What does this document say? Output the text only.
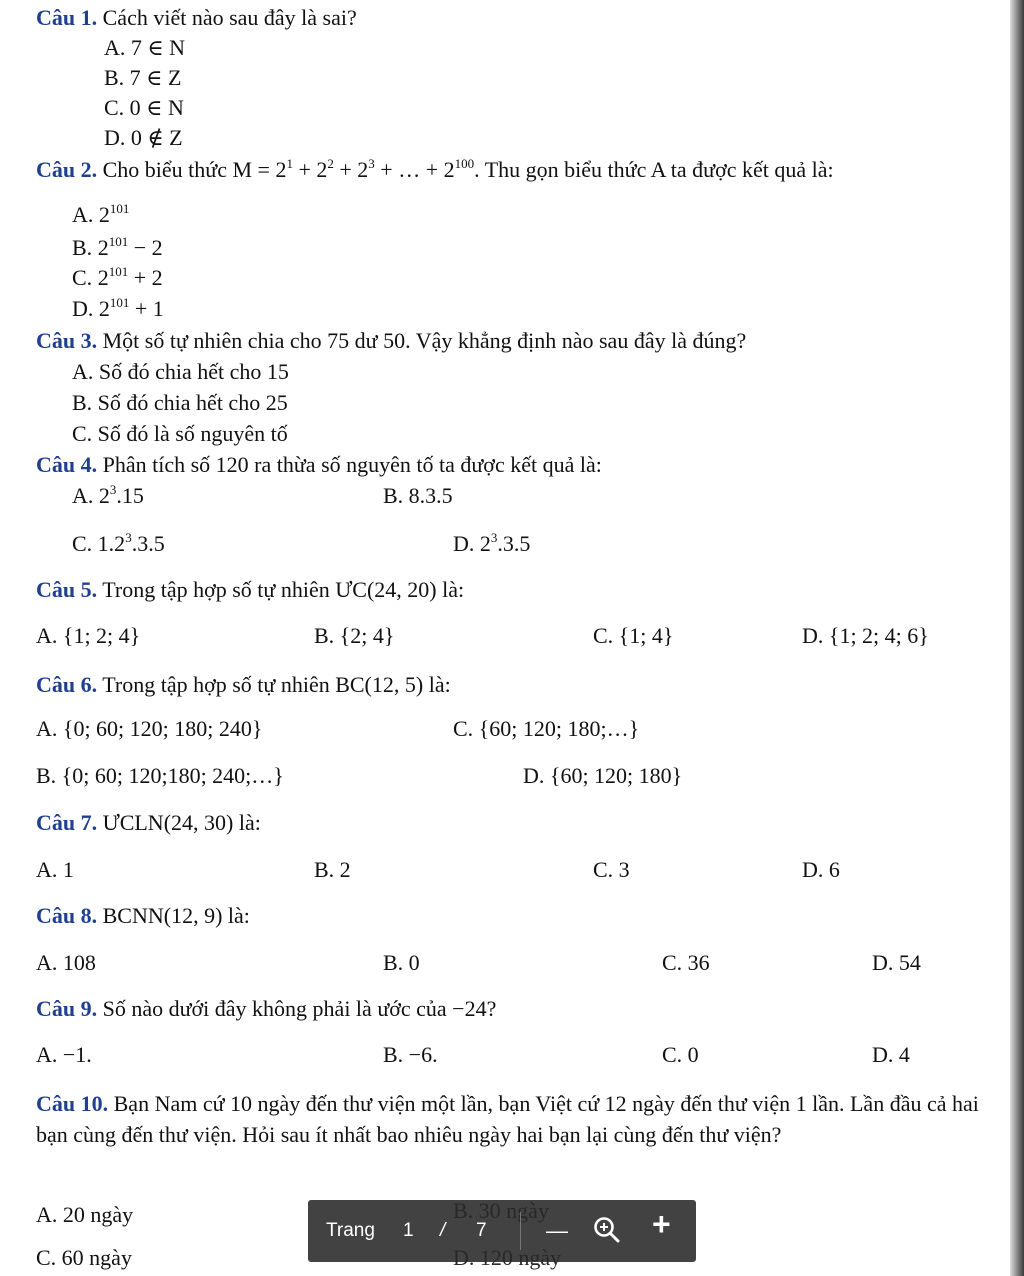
Câu 1. Cách viết nào sau đây là sai?
A. 7 ∈ N
B. 7 ∈ Z
C. 0 ∈ N
D. 0 ∉ Z
Câu 2. Cho biểu thức $M = 2^1 + 2^2 + 2^3$ + … + $2^{100}$. Thu gọn biểu thức A ta được kết quả là:
A. $2^{101}$
B. $2^{101} - 2$
C. $2^{101} + 2$
D. $2^{101} + 1$
Câu 3. Một số tự nhiên chia cho 75 dư 50. Vậy khẳng định nào sau đây là đúng?
A. Số đó chia hết cho 15
B. Số đó chia hết cho 25
C. Số đó là số nguyên tố
Câu 4. Phân tích số 120 ra thừa số nguyên tố ta được kết quả là:
A. $2^3.15$	B. 8.3.5
C. $1.2^3.3.5$	D. $2^3.3.5$
Câu 5. Trong tập hợp số tự nhiên ƯC(24, 20) là:
A. {1; 2; 4}	B. {2; 4}	C. {1; 4}	D. {1; 2; 4; 6}
Câu 6. Trong tập hợp số tự nhiên BC(12, 5) là:
A. {0; 60; 120; 180; 240}	C. {60; 120; 180;…}
B. {0; 60; 120;180; 240;…}	D. {60; 120; 180}
Câu 7. ƯCLN(24, 30) là:
A. 1	B. 2	C. 3	D. 6
Câu 8. BCNN(12, 9) là:
A. 108	B. 0	C. 36	D. 54
Câu 9. Số nào dưới đây không phải là ước của −24?
A. −1.	B. −6.	C. 0	D. 4
Câu 10. Bạn Nam cứ 10 ngày đến thư viện một lần, bạn Việt cứ 12 ngày đến thư viện 1 lần. Lần đầu cả hai bạn cùng đến thư viện. Hỏi sau ít nhất bao nhiêu ngày hai bạn lại cùng đến thư viện?
A. 20 ngày
C. 60 ngày
Trang 1 / 7	—	+
